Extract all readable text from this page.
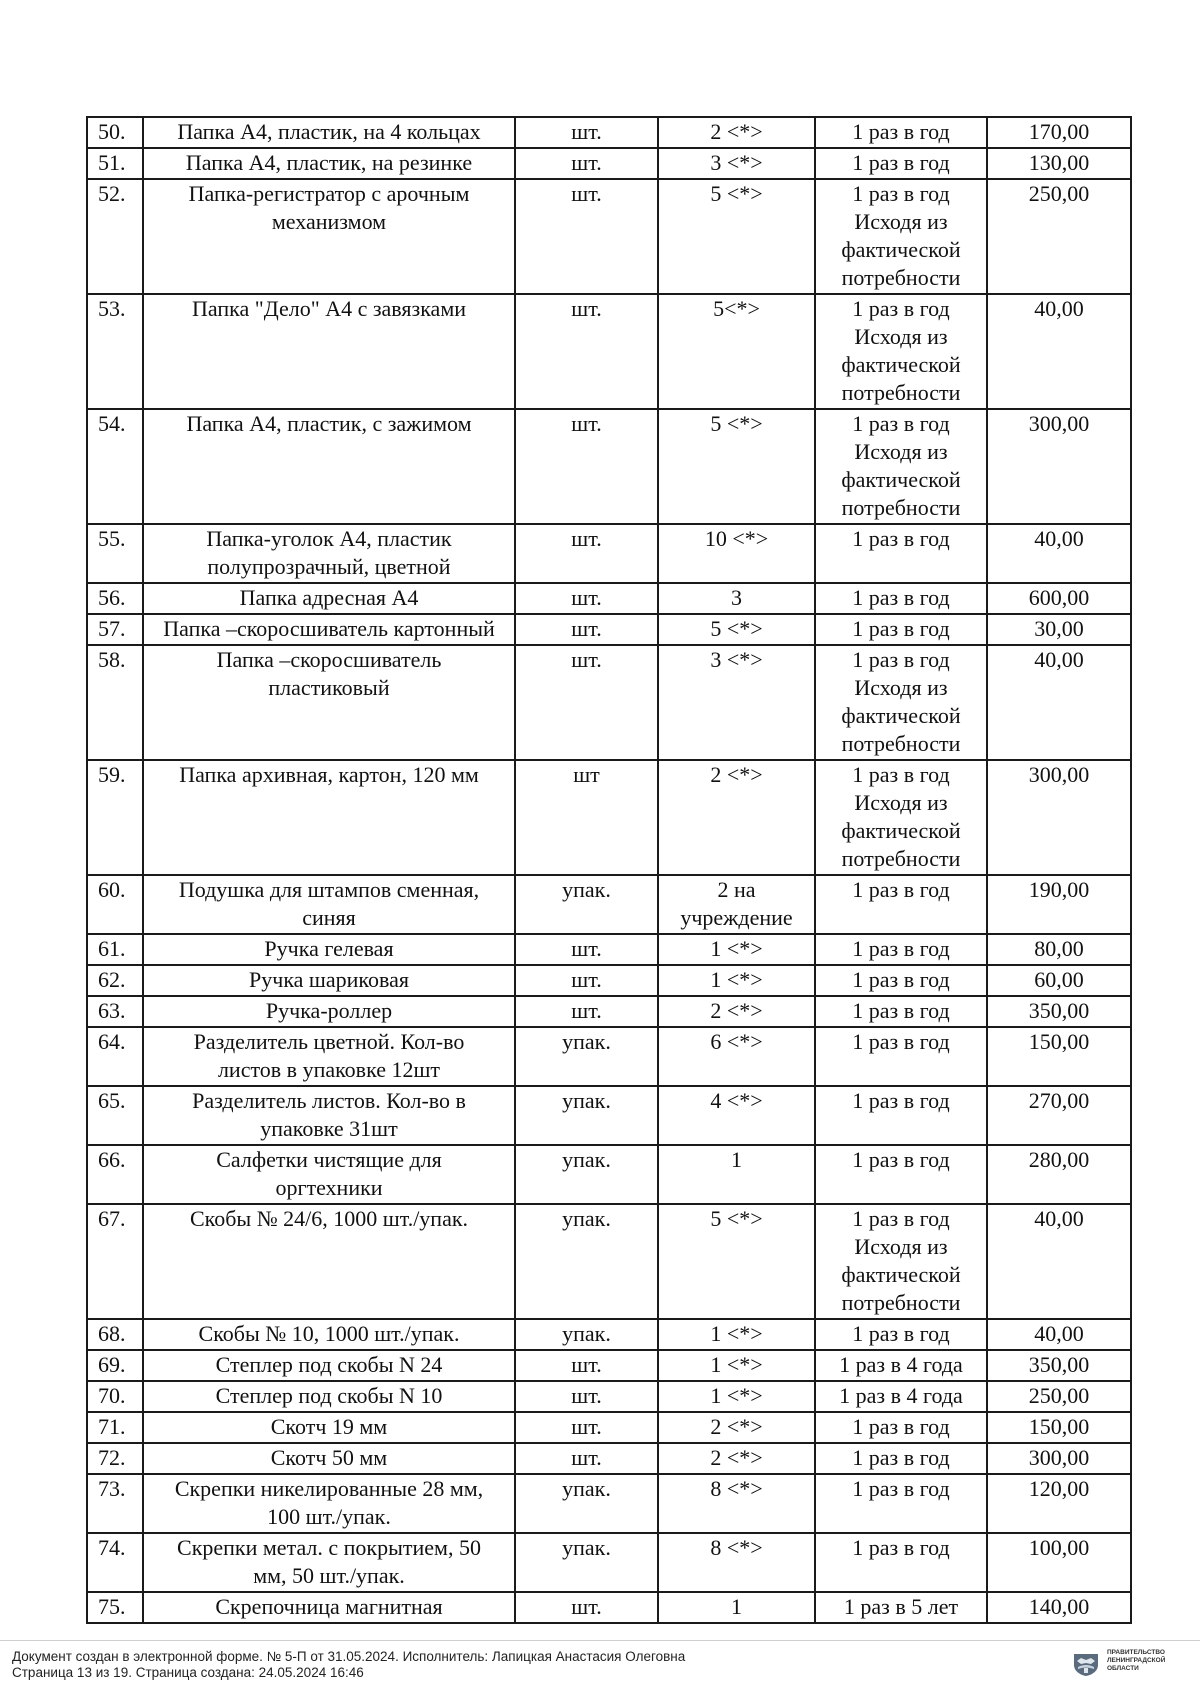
50.	Папка А4, пластик, на 4 кольцах	шт.	2 <*>	1 раз в год	170,00
51.	Папка А4, пластик, на резинке	шт.	3 <*>	1 раз в год	130,00
52.	Папка-регистратор с арочным
механизмом	шт.	5 <*>	1 раз в год
Исходя из
фактической
потребности	250,00
53.	Папка "Дело" А4 с завязками	шт.	5<*>	1 раз в год
Исходя из
фактической
потребности	40,00
54.	Папка А4, пластик, с зажимом	шт.	5 <*>	1 раз в год
Исходя из
фактической
потребности	300,00
55.	Папка-уголок А4, пластик
полупрозрачный, цветной	шт.	10 <*>	1 раз в год	40,00
56.	Папка адресная А4	шт.	3	1 раз в год	600,00
57.	Папка –скоросшиватель картонный	шт.	5 <*>	1 раз в год	30,00
58.	Папка –скоросшиватель
пластиковый	шт.	3 <*>	1 раз в год
Исходя из
фактической
потребности	40,00
59.	Папка архивная, картон, 120 мм	шт	2 <*>	1 раз в год
Исходя из
фактической
потребности	300,00
60.	Подушка для штампов сменная,
синяя	упак.	2 на
учреждение	1 раз в год	190,00
61.	Ручка гелевая	шт.	1 <*>	1 раз в год	80,00
62.	Ручка шариковая	шт.	1 <*>	1 раз в год	60,00
63.	Ручка-роллер	шт.	2 <*>	1 раз в год	350,00
64.	Разделитель цветной. Кол-во
листов в упаковке 12шт	упак.	6 <*>	1 раз в год	150,00
65.	Разделитель листов. Кол-во в
упаковке 31шт	упак.	4 <*>	1 раз в год	270,00
66.	Салфетки чистящие для
оргтехники	упак.	1	1 раз в год	280,00
67.	Скобы № 24/6, 1000 шт./упак.	упак.	5 <*>	1 раз в год
Исходя из
фактической
потребности	40,00
68.	Скобы № 10, 1000 шт./упак.	упак.	1 <*>	1 раз в год	40,00
69.	Степлер под скобы N 24	шт.	1 <*>	1 раз в 4 года	350,00
70.	Степлер под скобы N 10	шт.	1 <*>	1 раз в 4 года	250,00
71.	Скотч 19 мм	шт.	2 <*>	1 раз в год	150,00
72.	Скотч 50 мм	шт.	2 <*>	1 раз в год	300,00
73.	Скрепки никелированные 28 мм,
100 шт./упак.	упак.	8 <*>	1 раз в год	120,00
74.	Скрепки метал. с покрытием, 50
мм, 50 шт./упак.	упак.	8 <*>	1 раз в год	100,00
75.	Скрепочница магнитная	шт.	1	1 раз в 5 лет	140,00
Документ создан в электронной форме. № 5-П от 31.05.2024. Исполнитель: Лапицкая Анастасия Олеговна
Страница 13 из 19. Страница создана: 24.05.2024 16:46
ПРАВИТЕЛЬСТВО
ЛЕНИНГРАДСКОЙ
ОБЛАСТИ
